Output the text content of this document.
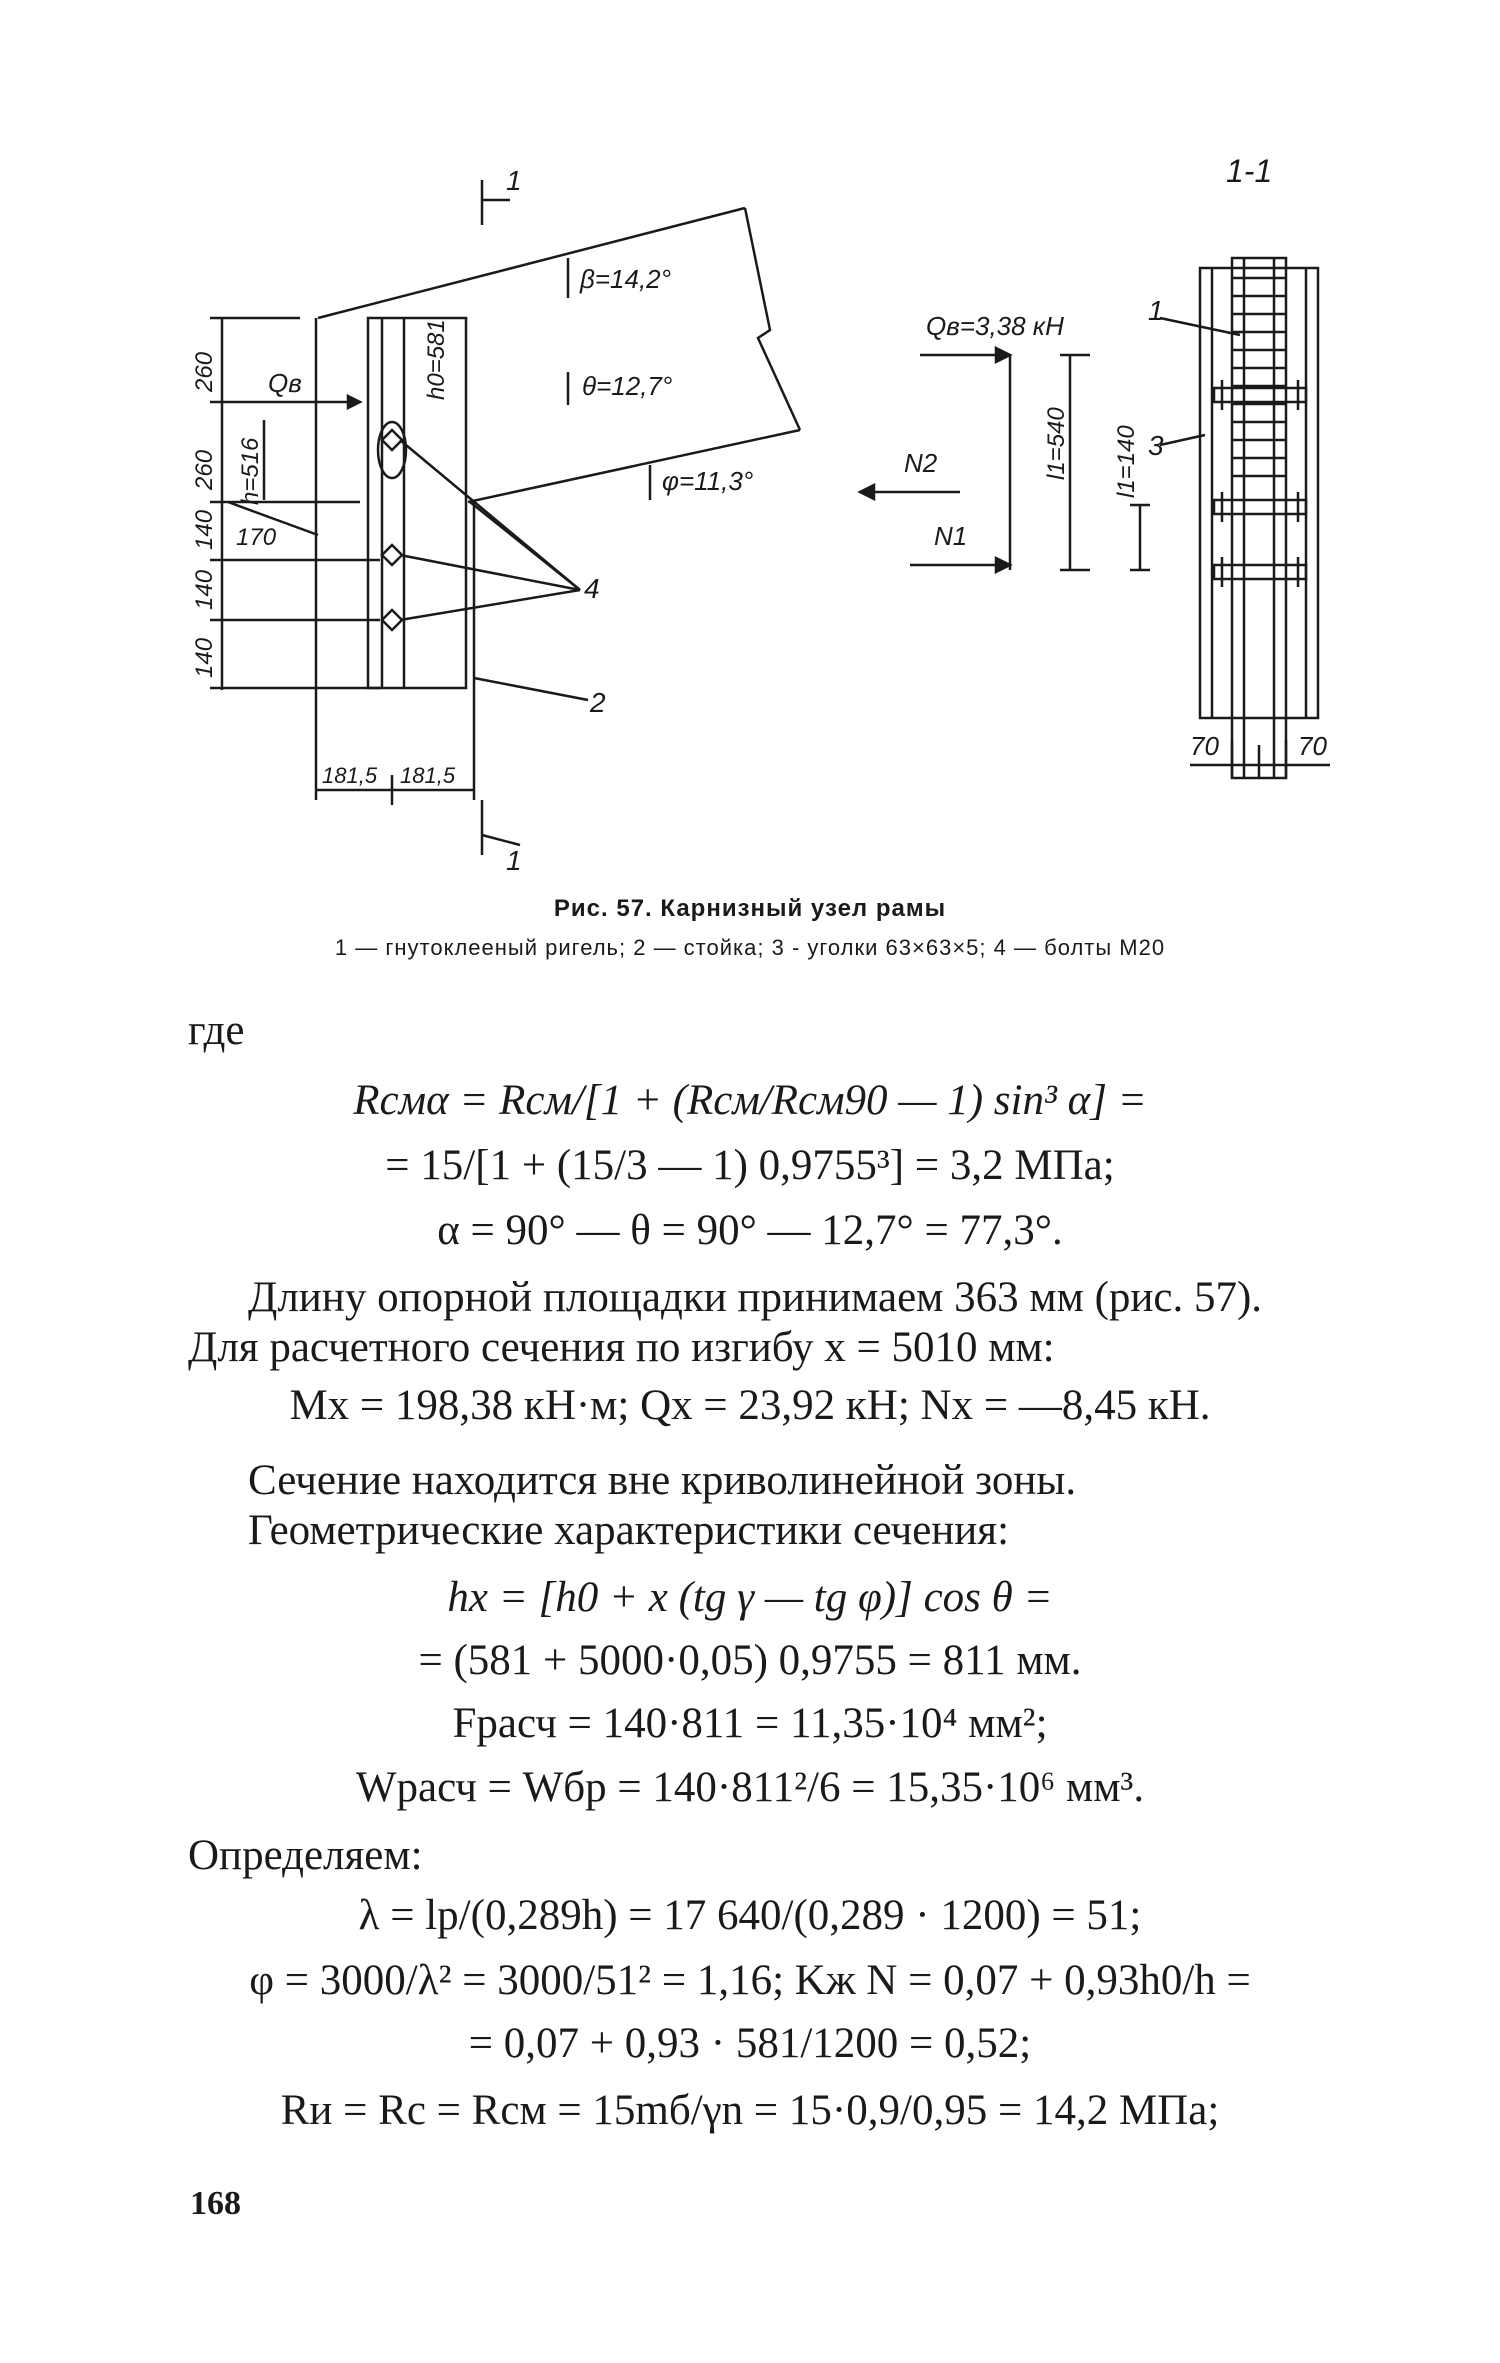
1
1
1-1
β=14,2°
θ=12,7°
φ=11,3°
h0=581
h=516
Qв
260
260
140
140
140
170
181,5 181,5
4
2
Qв=3,38 кН
N2
N1
l1=540 l1=140
1
3
70	70
Рис. 57. Карнизный узел рамы
1 — гнутоклееный ригель; 2 — стойка; 3 - уголки 63×63×5; 4 — болты М20
где
Rсмα = Rсм/[1 + (Rсм/Rсм90 — 1) sin³ α] =
= 15/[1 + (15/3 — 1) 0,9755³] = 3,2 МПа;
α = 90° — θ = 90° — 12,7° = 77,3°.
Длину опорной площадки принимаем 363 мм (рис. 57).
Для расчетного сечения по изгибу x = 5010 мм:
Mx = 198,38 кН·м; Qx = 23,92 кН; Nx = —8,45 кН.
Сечение находится вне криволинейной зоны.
Геометрические характеристики сечения:
hx = [h0 + x (tg γ — tg φ)] cos θ =
= (581 + 5000·0,05) 0,9755 = 811 мм.
Fрасч = 140·811 = 11,35·10⁴ мм²;
Wрасч = Wбр = 140·811²/6 = 15,35·10⁶ мм³.
Определяем:
λ = lр/(0,289h) = 17 640/(0,289 · 1200) = 51;
φ = 3000/λ² = 3000/51² = 1,16; Kж N = 0,07 + 0,93h0/h =
= 0,07 + 0,93 · 581/1200 = 0,52;
Rи = Rс = Rсм = 15mб/γn = 15·0,9/0,95 = 14,2 МПа;
168
